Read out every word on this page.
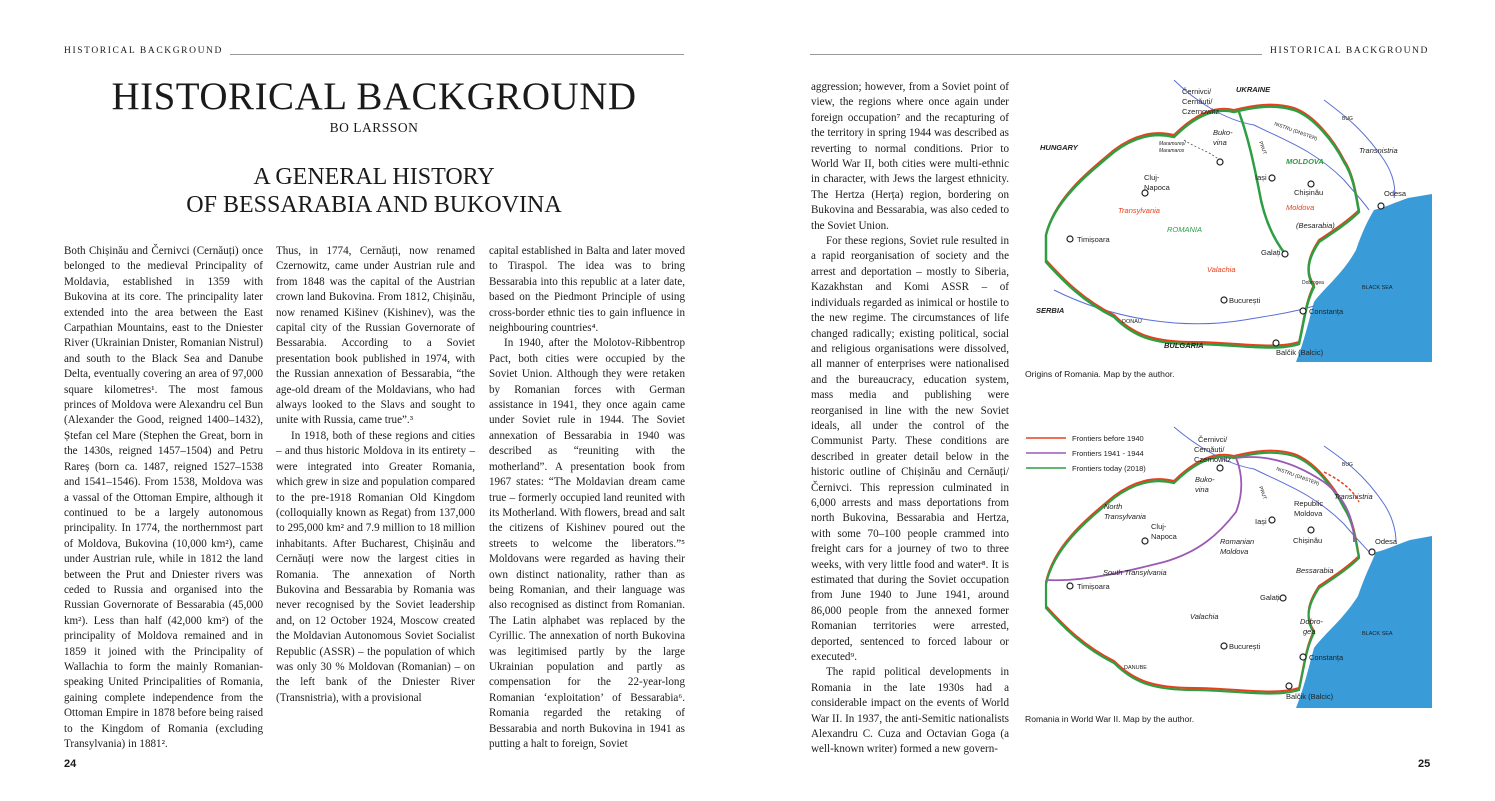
HISTORICAL BACKGROUND
HISTORICAL BACKGROUND
BO LARSSON
A GENERAL HISTORY
OF BESSARABIA AND BUKOVINA

Both Chișinău and Černivci (Cernăuți) once belonged to the medieval Principality of Moldavia, established in 1359 with Bukovina at its core. The principality later extended into the area between the East Carpathian Mountains, east to the Dniester River (Ukrainian Dnister, Romanian Nistrul) and south to the Black Sea and Danube Delta, eventually covering an area of 97,000 square kilometres¹. The most famous princes of Moldova were Alexandru cel Bun (Alexander the Good, reigned 1400–1432), Ștefan cel Mare (Stephen the Great, born in the 1430s, reigned 1457–1504) and Petru Rareș (born ca. 1487, reigned 1527–1538 and 1541–1546). From 1538, Moldova was a vassal of the Ottoman Empire, although it continued to be a largely autonomous principality. In 1774, the northernmost part of Moldova, Bukovina (10,000 km²), came under Austrian rule, while in 1812 the land between the Prut and Dniester rivers was ceded to Russia and organised into the Russian Governorate of Bessarabia (45,000 km²). Less than half (42,000 km²) of the principality of Moldova remained and in 1859 it joined with the Principality of Wallachia to form the mainly Romanian-speaking United Principalities of Romania, gaining complete independence from the Ottoman Empire in 1878 before being raised to the Kingdom of Romania (excluding Transylvania) in 1881².

Thus, in 1774, Cernăuți, now renamed Czernowitz, came under Austrian rule and from 1848 was the capital of the Austrian crown land Bukovina. From 1812, Chișinău, now renamed Kišinev (Kishinev), was the capital city of the Russian Governorate of Bessarabia. According to a Soviet presentation book published in 1974, with the Russian annexation of Bessarabia, “the age-old dream of the Moldavians, who had always looked to the Slavs and sought to unite with Russia, came true”.³

In 1918, both of these regions and cities – and thus historic Moldova in its entirety – were integrated into Greater Romania, which grew in size and population compared to the pre-1918 Romanian Old Kingdom (colloquially known as Regat) from 137,000 to 295,000 km² and 7.9 million to 18 million inhabitants. After Bucharest, Chișinău and Cernăuți were now the largest cities in Romania. The annexation of North Bukovina and Bessarabia by Romania was never recognised by the Soviet leadership and, on 12 October 1924, Moscow created the Moldavian Autonomous Soviet Socialist Republic (ASSR) – the population of which was only 30 % Moldovan (Romanian) – on the left bank of the Dniester River (Transnistria), with a provisional

capital established in Balta and later moved to Tiraspol. The idea was to bring Bessarabia into this republic at a later date, based on the Piedmont Principle of using cross-border ethnic ties to gain influence in neighbouring countries⁴.

In 1940, after the Molotov-Ribbentrop Pact, both cities were occupied by the Soviet Union. Although they were retaken by Romanian forces with German assistance in 1941, they once again came under Soviet rule in 1944. The Soviet annexation of Bessarabia in 1940 was described as “reuniting with the motherland”. A presentation book from 1967 states: “The Moldavian dream came true – formerly occupied land reunited with its Motherland. With flowers, bread and salt the citizens of Kishinev poured out the streets to welcome the liberators.”⁵ Moldovans were regarded as having their own distinct nationality, rather than as being Romanian, and their language was also recognised as distinct from Romanian. The Latin alphabet was replaced by the Cyrillic. The annexation of north Bukovina was legitimised partly by the large Ukrainian population and partly as compensation for the 22-year-long Romanian ‘exploitation’ of Bessarabia⁶. Romania regarded the retaking of Bessarabia and north Bukovina in 1941 as putting a halt to foreign, Soviet

24
HISTORICAL BACKGROUND
25

aggression; however, from a Soviet point of view, the regions where once again under foreign occupation⁷ and the recapturing of the territory in spring 1944 was described as reverting to normal conditions. Prior to World War II, both cities were multi-ethnic in character, with Jews the largest ethnicity. The Hertza (Herța) region, bordering on Bukovina and Bessarabia, was also ceded to the Soviet Union.

For these regions, Soviet rule resulted in a rapid reorganisation of society and the arrest and deportation – mostly to Siberia, Kazakhstan and Komi ASSR – of individuals regarded as inimical or hostile to the new regime. The circumstances of life changed radically; existing political, social and religious organisations were dissolved, all manner of enterprises were nationalised and the bureaucracy, education system, mass media and publishing were reorganised in line with the new Soviet ideals, all under the control of the Communist Party. These conditions are described in greater detail below in the historic outline of Chișinău and Cernăuți/Černivci. This repression culminated in 6,000 arrests and mass deportations from north Bukovina, Bessarabia and Hertza, with some 70–100 people crammed into freight cars for a journey of two to three weeks, with very little food and water⁸. It is estimated that during the Soviet occupation from June 1940 to June 1941, around 86,000 people from the annexed former Romanian territories were arrested, deported, sentenced to forced labour or executed⁹.

The rapid political developments in Romania in the late 1930s had a considerable impact on the events of World War II. In 1937, the anti-Semitic nationalists Alexandru C. Cuza and Octavian Goga (a well-known writer) formed a new govern-

UKRAINE
Černivci/
Cernăuți/
Czernowitz
Buko-
vina
Maramureș/
Maramaros
HUNGARY
Cluj-
Napoca
Transylvania
ROMANIA
Timișoara
Valachia
Iași
MOLDOVA
Moldova
(Besarabia)
Chișinău	Odesa
Transnistria
BUG
NISTRU (DNISTER)
PRUT
Galați
Dobrogea
București
Constanța
BLACK SEA
SERBIA
DONAU
BULGARIA
Balčik (Balcic)
Origins of Romania. Map by the author.
Frontiers before 1940
Frontiers 1941 - 1944
Frontiers today (2018)
Černivci/
Cernăuți/
Czernowitz
Buko-
vina
North
Transylvania
Cluj-
Napoca
South Transylvania
Timișoara
Romanian
Moldova
Iași
Republic
Moldova
Chișinău	Odesa
Transnistria
BUG
NISTRU (DNISTER)
PRUT
Bessarabia
Valachia
Galați
Dobro-
gea
București
Constanța
BLACK SEA
DANUBE
Balčik (Balcic)
Romania in World War II. Map by the author.
